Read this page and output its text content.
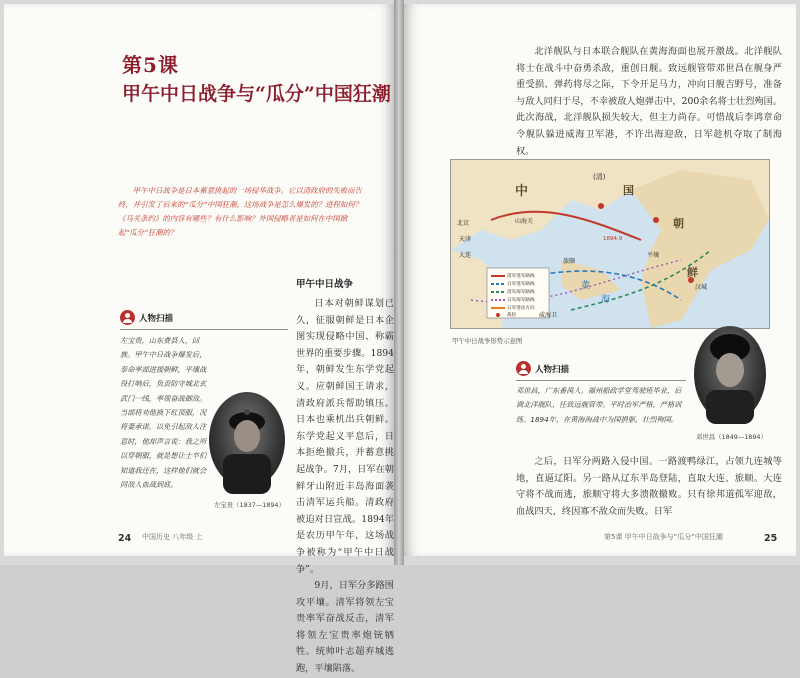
第5课
甲午中日战争与“瓜分”中国狂潮
甲午中日战争是日本蓄意挑起的一场侵华战争。它以清政府的失败而告终，并引发了后来的“瓜分”中国狂潮。这场战争是怎么爆发的？进程如何？《马关条约》的内容有哪些？有什么影响？外国侵略者是如何在中国掀起“瓜分”狂潮的？
甲午中日战争

日本对朝鲜谋划已久，征服朝鲜是日本企图实现侵略中国、称霸世界的重要步骤。1894年，朝鲜发生东学党起义。应朝鲜国王请求，清政府派兵帮助镇压。日本也乘机出兵朝鲜。东学党起义平息后，日本拒绝撤兵，并蓄意挑起战争。7月，日军在朝鲜牙山附近丰岛海面袭击清军运兵船。清政府被迫对日宣战。1894年是农历甲午年，这场战争被称为“甲午中日战争”。

9月，日军分多路围攻平壤。清军将领左宝贵率军奋战反击，清军将领左宝贵率炮铳牺牲。统帅叶志超弃城逃跑，平壤陷落。

人物扫描
左宝贵，山东费县人，回族。甲午中日战争爆发后，奉命率部进援朝鲜，平壤战役打响后，负责防守城北玄武门一线，率领奋战御敌。当部将劝他换下红顶服，况将妻承诺，以免引起敌人注意时，他却声言说：我之所以穿朝服，就是想让士卒们知道我还在，这样他们就会同敌人血战到底。
左宝贵（1837—1894）
24 中国历史 八年级 上

北洋舰队与日本联合舰队在黄海海面也展开激战。北洋舰队将士在战斗中奋勇杀敌，重创日舰。致远舰管带邓世昌在舰身严重受损、弹药将尽之际，下令开足马力，冲向日舰吉野号，准备与敌人同归于尽，不幸被敌人炮弹击中，200余名将士壮烈殉国。此次海战，北洋舰队损失较大，但主力尚存。可惜战后李鸿章命令舰队躲进威海卫军港，不许出海迎敌，日军趁机夺取了制海权。

中
(清)
朝
鲜
大连
汉城
威海卫
北京
天津
旅顺
山海关
黄
海
平壤
国
1894.9
清军进军路线
日军进军路线
清军海军路线
日军海军路线
日军进攻方向
战役
甲午中日战争形势示意图
人物扫描
邓世昌，广东番禺人。福州船政学堂驾驶班毕业，后调北洋舰队，任致远舰管带。平时治军严格，严格训练。1894年，在黄海海战中为国捐躯，壮烈殉国。
邓世昌（1849—1894）

之后，日军分两路入侵中国。一路渡鸭绿江，占领九连城等地，直逼辽阳。另一路从辽东半岛登陆，直取大连、旅顺。大连守将不战而逃，旅顺守将大多溃散撤败。只有徐邦道孤军迎敌，血战四天，终因寡不敌众而失败。日军

第5课 甲午中日战争与“瓜分”中国狂潮	25
